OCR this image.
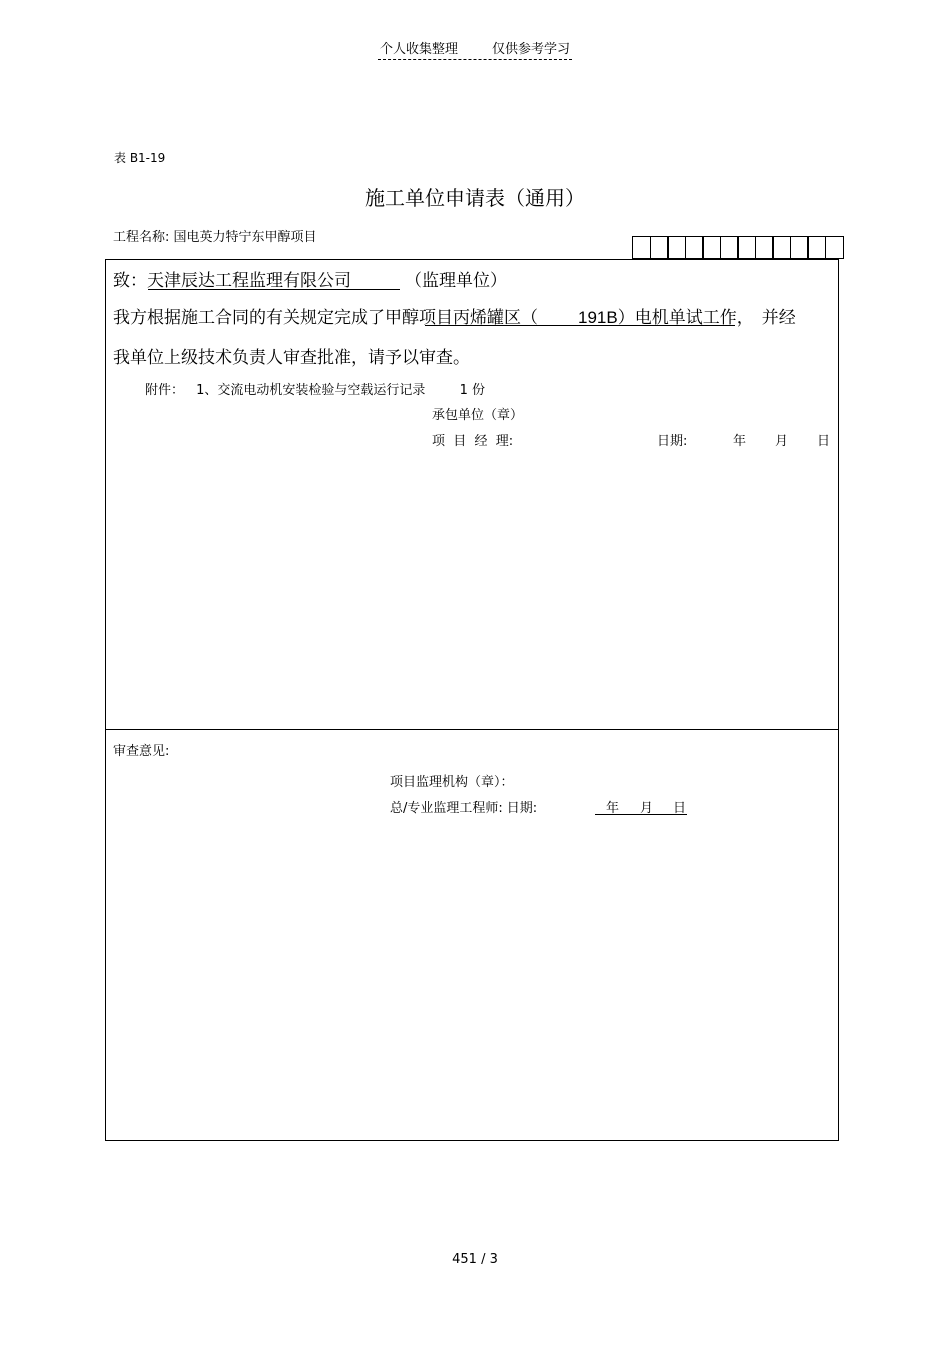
个人收集整理	仅供参考学习
表 B1-19
施工单位申请表（通用）
工程名称: 国电英力特宁东甲醇项目
致：天津辰达工程监理有限公司	（监理单位）
我方根据施工合同的有关规定完成了甲醇项目丙烯罐区（ 191B）电机单试工作， 并经
我单位上级技术负责人审查批准，请予以审查。
附件： 1、交流电动机安装检验与空载运行记录	1 份
承包单位（章）
项  目  经  理:	日期:	年 月 日
审查意见:
项目监理机构（章）：
总/专业监理工程师: 日期:	年 月 日
451 / 3
